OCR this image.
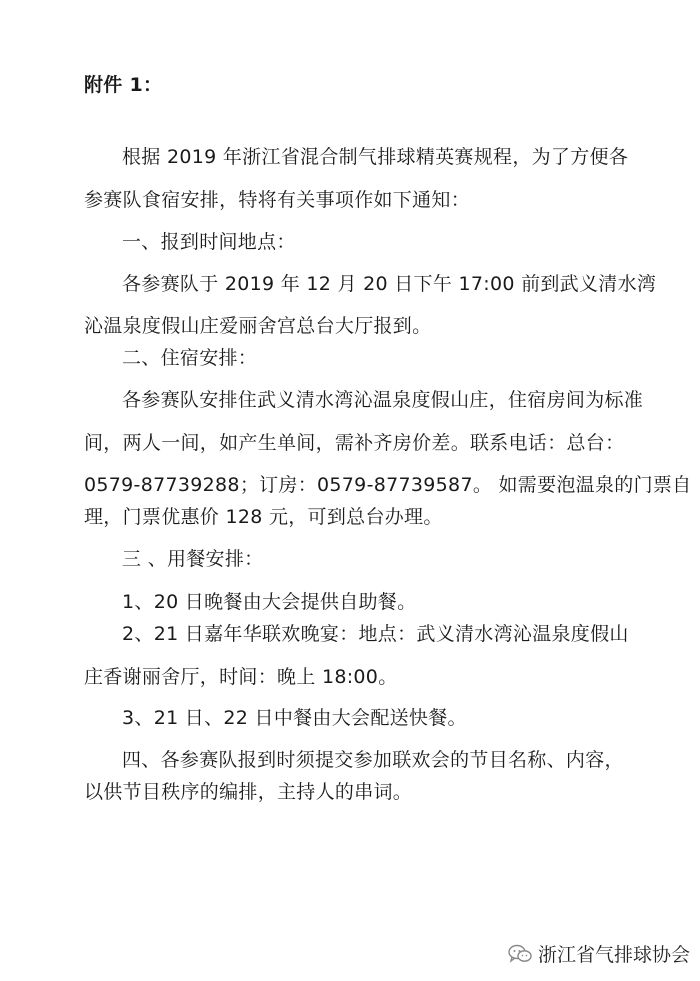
附件 1：
根据 2019 年浙江省混合制气排球精英赛规程，为了方便各
参赛队食宿安排，特将有关事项作如下通知：
一、报到时间地点：
各参赛队于 2019 年 12 月 20 日下午 17:00 前到武义清水湾
沁温泉度假山庄爱丽舍宫总台大厅报到。
二、住宿安排：
各参赛队安排住武义清水湾沁温泉度假山庄，住宿房间为标准
间，两人一间，如产生单间，需补齐房价差。联系电话：总台：
0579-87739288；订房：0579-87739587。 如需要泡温泉的门票自
理，门票优惠价 128 元，可到总台办理。
三 、用餐安排：
1、20 日晚餐由大会提供自助餐。
2、21 日嘉年华联欢晚宴：地点：武义清水湾沁温泉度假山
庄香谢丽舍厅，时间：晚上 18:00。
3、21 日、22 日中餐由大会配送快餐。
四、各参赛队报到时须提交参加联欢会的节目名称、内容，
以供节目秩序的编排，主持人的串词。
浙江省气排球协会
